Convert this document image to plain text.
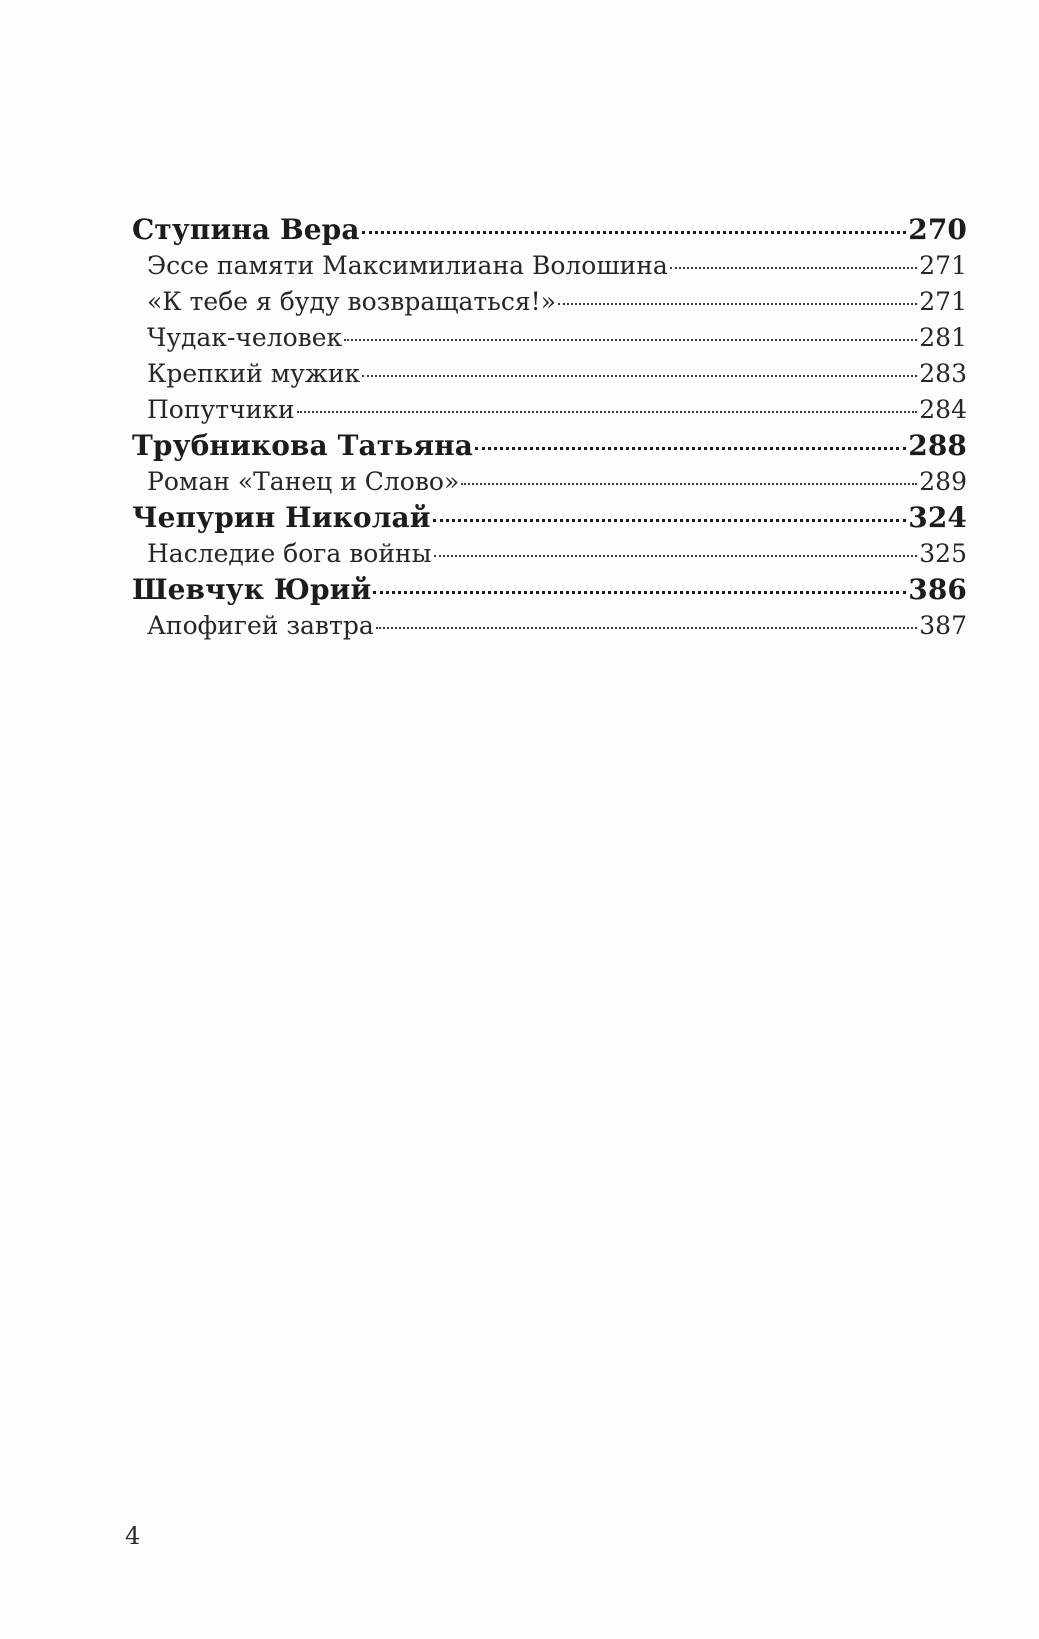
Ступина Вера	270
Эссе памяти Максимилиана Волошина	271
«К тебе я буду возвращаться!»	271
Чудак-человек	281
Крепкий мужик	283
Попутчики	284
Трубникова Татьяна	288
Роман «Танец и Слово»	289
Чепурин Николай	324
Наследие бога войны	325
Шевчук Юрий	386
Апофигей завтра	387
4
